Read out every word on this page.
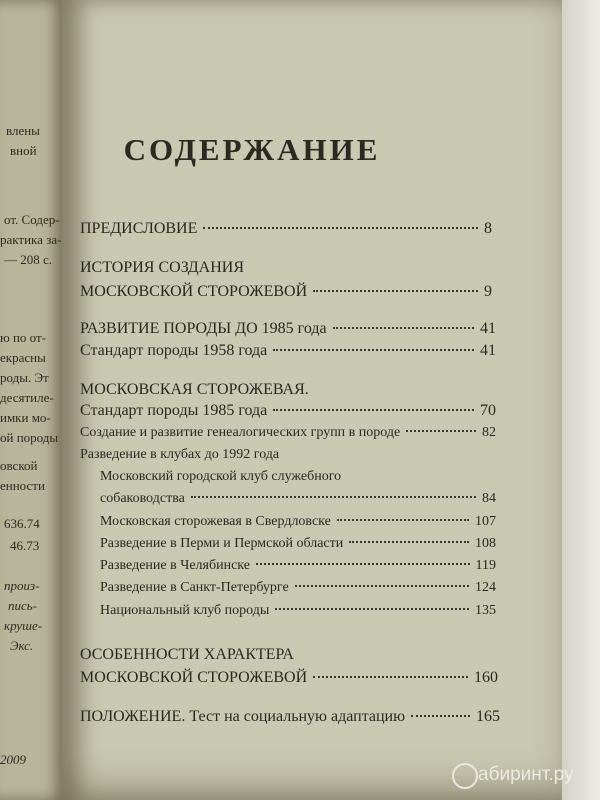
влены
вной
от. Содер-
рактика за-
— 208 с.
ю по от-
екрасны
роды. Эт
десятиле-
имки мо-
ой породы
овской
енности
636.74
46.73
произ-
пись-
круше-
Экс.
2009
СОДЕРЖАНИЕ
ПРЕДИСЛОВИЕ	8
ИСТОРИЯ СОЗДАНИЯ
МОСКОВСКОЙ СТОРОЖЕВОЙ	9
РАЗВИТИЕ ПОРОДЫ ДО 1985 года	41
Стандарт породы 1958 года	41
МОСКОВСКАЯ СТОРОЖЕВАЯ.
Стандарт породы 1985 года	70
Создание и развитие генеалогических групп в породе	82
Разведение в клубах до 1992 года
Московский городской клуб служебного
собаководства	84
Московская сторожевая в Свердловске	107
Разведение в Перми и Пермской области	108
Разведение в Челябинске	119
Разведение в Санкт-Петербурге	124
Национальный клуб породы	135
ОСОБЕННОСТИ ХАРАКТЕРА
МОСКОВСКОЙ СТОРОЖЕВОЙ	160
ПОЛОЖЕНИЕ. Тест на социальную адаптацию	165
абиринт.ру
